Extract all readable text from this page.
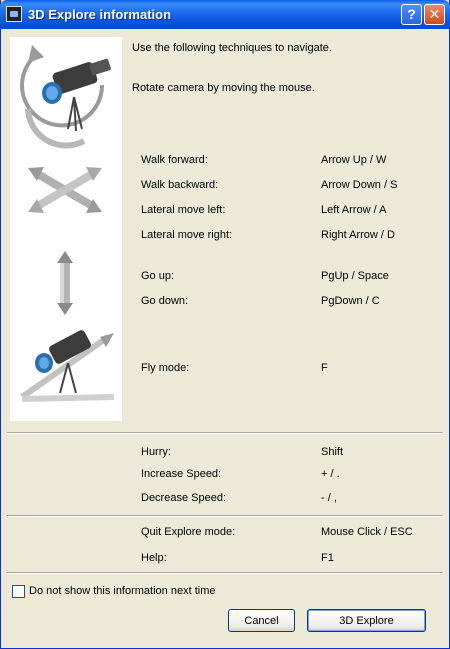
3D Explore information	? ✕
Use the following techniques to navigate.
Rotate camera by moving the mouse.
Walk forward:	Arrow Up / W
Walk backward:	Arrow Down / S
Lateral move left:	Left Arrow / A
Lateral move right:	Right Arrow / D
Go up:	PgUp / Space
Go down:	PgDown / C
Fly mode:	F
Hurry:	Shift
Increase Speed:	+ / .
Decrease Speed:	- / ,
Quit Explore mode:	Mouse Click / ESC
Help:	F1
Do not show this information next time
Cancel	3D Explore
